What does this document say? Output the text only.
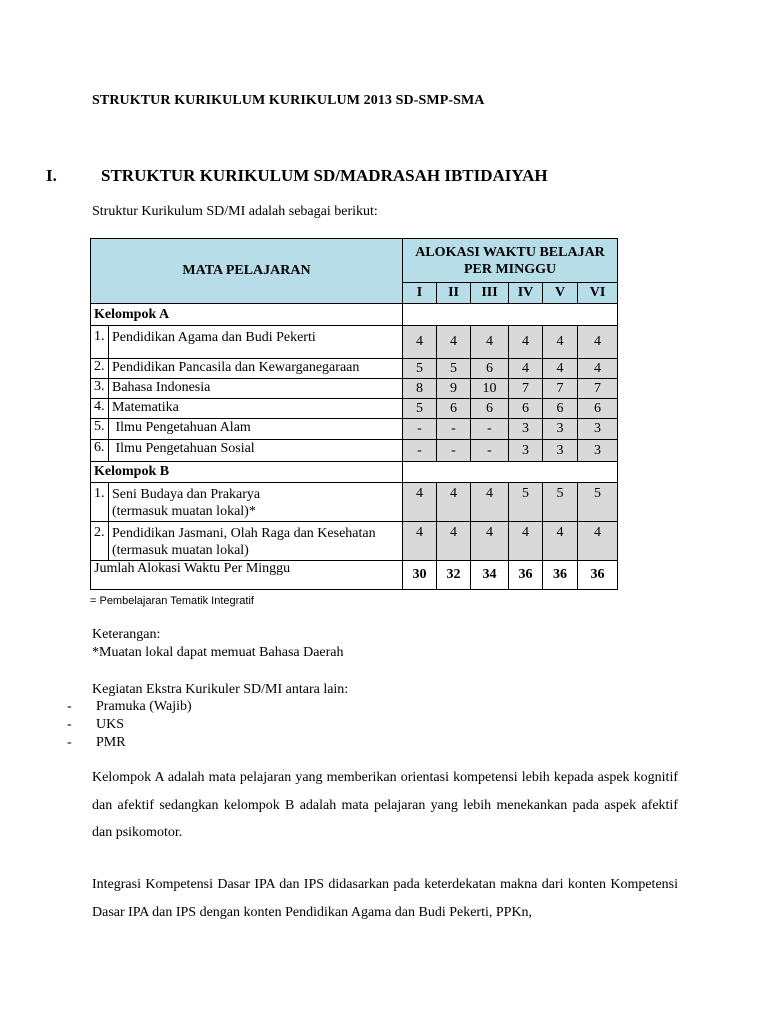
STRUKTUR KURIKULUM KURIKULUM 2013 SD-SMP-SMA
I.	STRUKTUR KURIKULUM SD/MADRASAH IBTIDAIYAH
Struktur Kurikulum SD/MI adalah sebagai berikut:
MATA PELAJARAN		ALOKASI WAKTU BELAJAR PER MINGGU					
		I	II	III	IV	V	VI
Kelompok A							
1.	Pendidikan Agama dan Budi Pekerti	4	4	4	4	4	4
2.	Pendidikan Pancasila dan Kewarganegaraan	5	5	6	4	4	4
3.	Bahasa Indonesia	8	9	10	7	7	7
4.	Matematika	5	6	6	6	6	6
5.	Ilmu Pengetahuan Alam	-	-	-	3	3	3
6.	Ilmu Pengetahuan Sosial	-	-	-	3	3	3
Kelompok B							
1.	Seni Budaya dan Prakarya
(termasuk muatan lokal)*	4	4	4	5	5	5
2.	Pendidikan Jasmani, Olah Raga dan Kesehatan
(termasuk muatan lokal)	4	4	4	4	4	4
Jumlah Alokasi Waktu Per Minggu		30	32	34	36	36	36
= Pembelajaran Tematik Integratif
Keterangan:
*Muatan lokal dapat memuat Bahasa Daerah
Kegiatan Ekstra Kurikuler SD/MI antara lain:
- Pramuka (Wajib)
- UKS
- PMR
Kelompok A adalah mata pelajaran yang memberikan orientasi kompetensi lebih kepada aspek kognitif dan afektif sedangkan kelompok B adalah mata pelajaran yang lebih menekankan pada aspek afektif dan psikomotor.
Integrasi Kompetensi Dasar IPA dan IPS didasarkan pada keterdekatan makna dari konten Kompetensi Dasar IPA dan IPS dengan konten Pendidikan Agama dan Budi Pekerti, PPKn,
